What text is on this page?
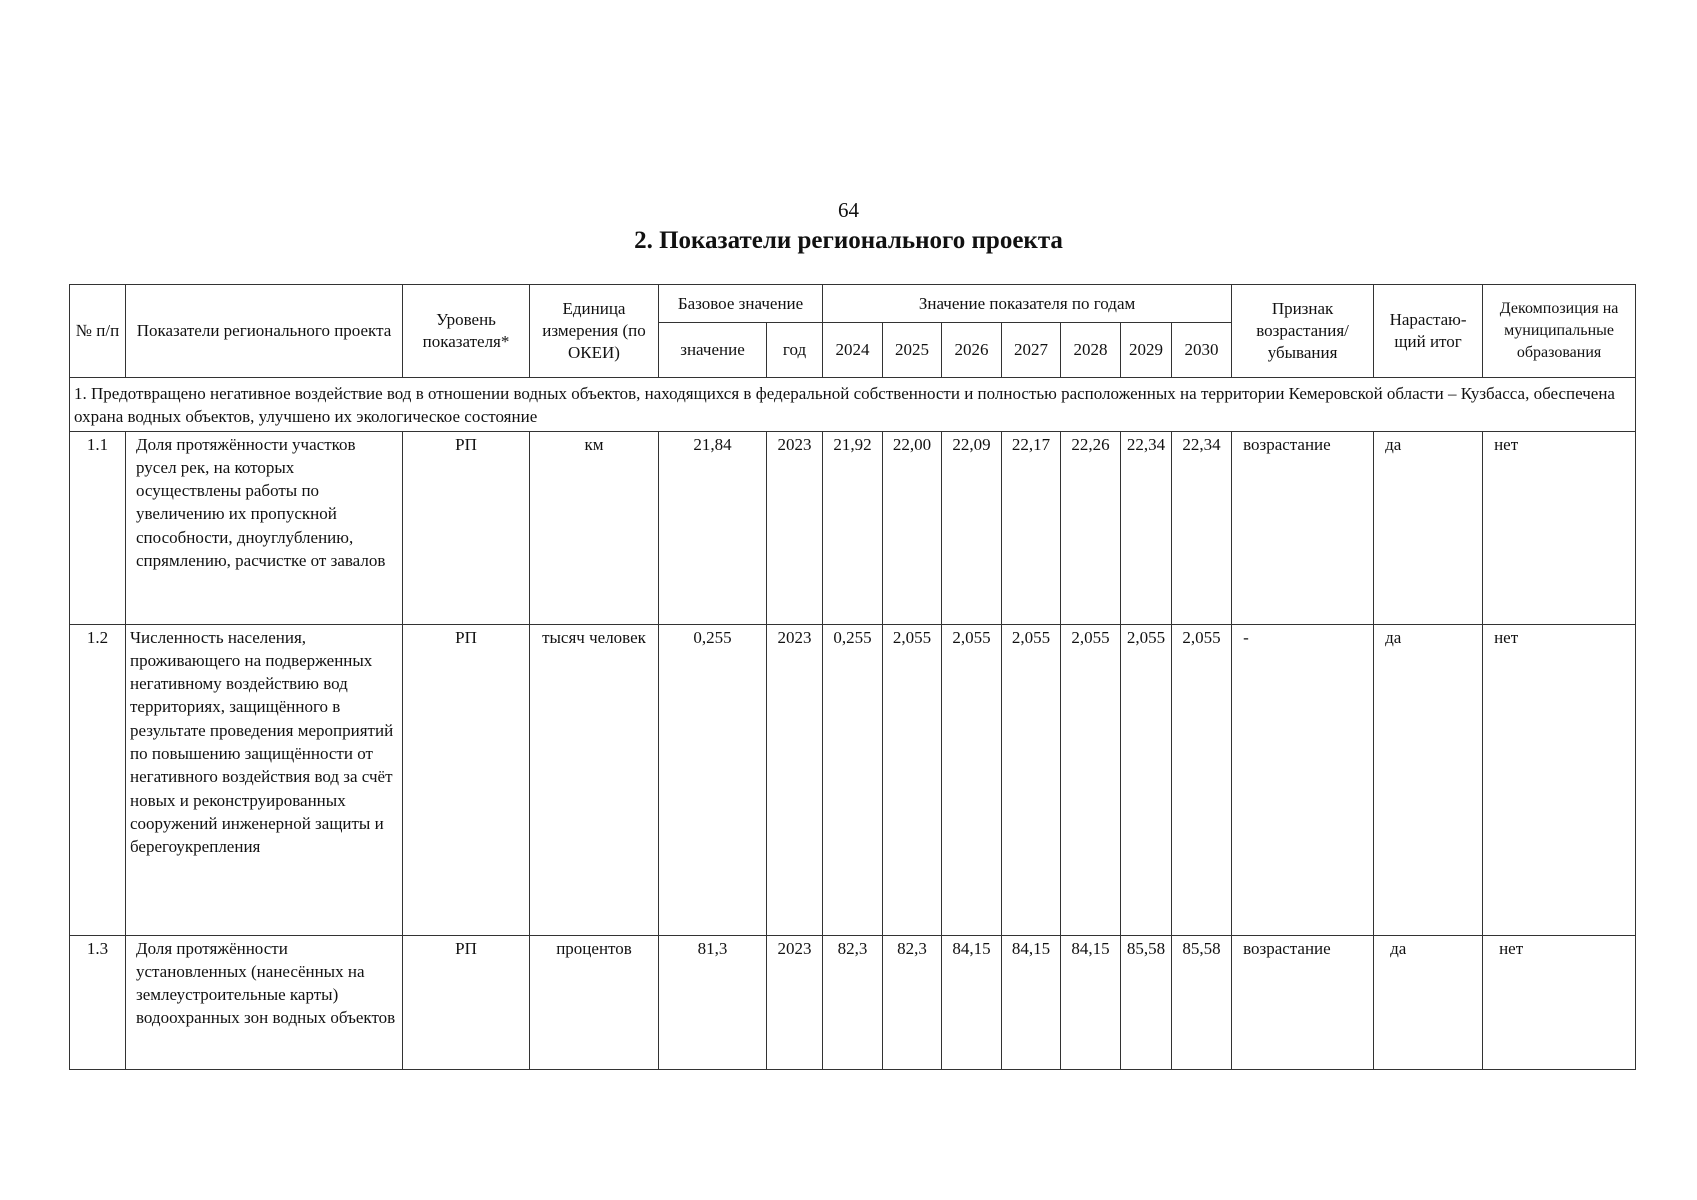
64
2. Показатели регионального проекта
№ п/п	Показатели регионального проекта	Уровень показателя*	Единица измерения (по ОКЕИ)	Базовое значение		Значение показателя по годам							Признак возрастания/ убывания	Нарастаю-щий итог	Декомпозиция на муниципальные образования
				значение	год	2024	2025	2026	2027	2028	2029	2030			
1. Предотвращено негативное воздействие вод в отношении водных объектов, находящихся в федеральной собственности и полностью расположенных на территории Кемеровской области – Кузбасса, обеспечена охрана водных объектов, улучшено их экологическое состояние															
1.1	Доля протяжённости участков русел рек, на которых осуществлены работы по увеличению их пропускной способности, дноуглублению, спрямлению, расчистке от завалов	РП	км	21,84	2023	21,92	22,00	22,09	22,17	22,26	22,34	22,34	возрастание	да	нет
1.2	Численность населения, проживающего на подверженных негативному воздействию вод территориях, защищённого в результате проведения мероприятий по повышению защищённости от негативного воздействия вод за счёт новых и реконструированных сооружений инженерной защиты и берегоукрепления	РП	тысяч человек	0,255	2023	0,255	2,055	2,055	2,055	2,055	2,055	2,055	-	да	нет
1.3	Доля протяжённости установленных (нанесённых на землеустроительные карты) водоохранных зон водных объектов	РП	процентов	81,3	2023	82,3	82,3	84,15	84,15	84,15	85,58	85,58	возрастание	да	нет
